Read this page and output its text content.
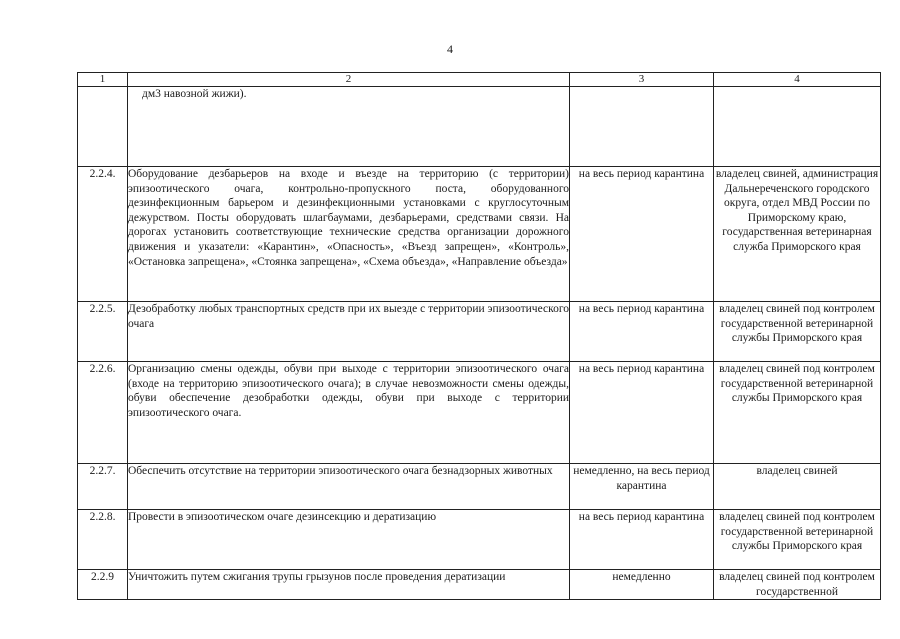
4
1	2	3	4
	дм3 навозной жижи).		
2.2.4.	Оборудование дезбарьеров на входе и въезде на территорию (с территории) эпизоотического очага, контрольно-пропускного поста, оборудованного дезинфекционным барьером и дезинфекционными установками с круглосуточным дежурством. Посты оборудовать шлагбаумами, дезбарьерами, средствами связи. На дорогах установить соответствующие технические средства организации дорожного движения и указатели: «Карантин», «Опасность», «Въезд запрещен», «Контроль», «Остановка запрещена», «Стоянка запрещена», «Схема объезда», «Направление объезда»	на весь период карантина	владелец свиней, администрация Дальнереченского городского округа, отдел МВД России по Приморскому краю, государственная ветеринарная служба Приморского края
2.2.5.	Дезобработку любых транспортных средств при их выезде с территории эпизоотического очага	на весь период карантина	владелец свиней под контролем государственной ветеринарной службы Приморского края
2.2.6.	Организацию смены одежды, обуви при выходе с территории эпизоотического очага (входе на территорию эпизоотического очага); в случае невозможности смены одежды, обуви обеспечение дезобработки одежды, обуви при выходе с территории эпизоотического очага.	на весь период карантина	владелец свиней под контролем государственной ветеринарной службы Приморского края
2.2.7.	Обеспечить отсутствие на территории эпизоотического очага безнадзорных животных	немедленно, на весь период карантина	владелец свиней
2.2.8.	Провести в эпизоотическом очаге дезинсекцию и дератизацию	на весь период карантина	владелец свиней под контролем государственной ветеринарной службы Приморского края
2.2.9	Уничтожить путем сжигания трупы грызунов после проведения дератизации	немедленно	владелец свиней под контролем государственной
